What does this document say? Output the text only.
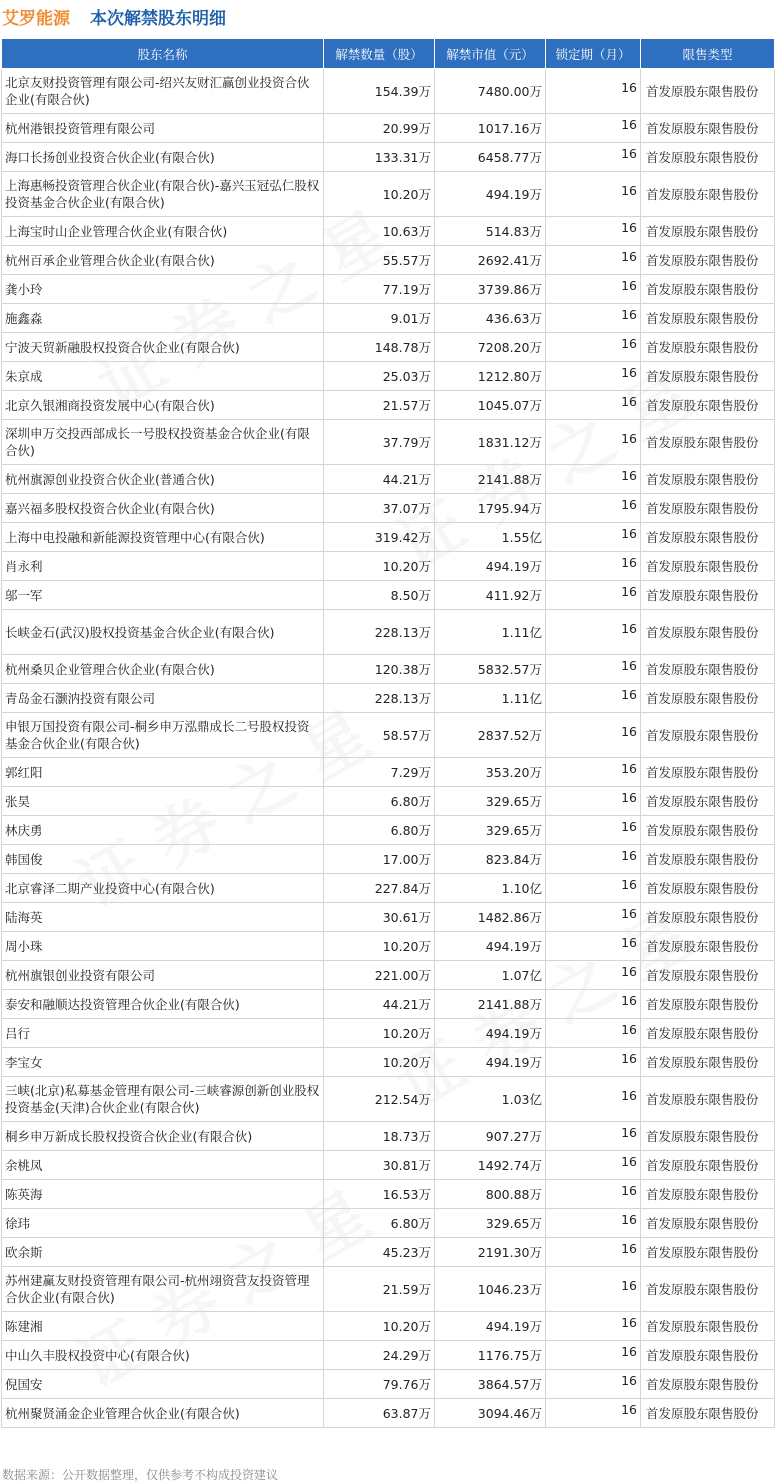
艾罗能源 本次解禁股东明细
股东名称	解禁数量（股）	解禁市值（元）	锁定期（月）	限售类型
北京友财投资管理有限公司-绍兴友财汇赢创业投资合伙企业(有限合伙)	154.39万	7480.00万	16	首发原股东限售股份
杭州港银投资管理有限公司	20.99万	1017.16万	16	首发原股东限售股份
海口长扬创业投资合伙企业(有限合伙)	133.31万	6458.77万	16	首发原股东限售股份
上海惠畅投资管理合伙企业(有限合伙)-嘉兴玉冠弘仁股权投资基金合伙企业(有限合伙)	10.20万	494.19万	16	首发原股东限售股份
上海宝时山企业管理合伙企业(有限合伙)	10.63万	514.83万	16	首发原股东限售股份
杭州百承企业管理合伙企业(有限合伙)	55.57万	2692.41万	16	首发原股东限售股份
龚小玲	77.19万	3739.86万	16	首发原股东限售股份
施鑫淼	9.01万	436.63万	16	首发原股东限售股份
宁波天贸新融股权投资合伙企业(有限合伙)	148.78万	7208.20万	16	首发原股东限售股份
朱京成	25.03万	1212.80万	16	首发原股东限售股份
北京久银湘商投资发展中心(有限合伙)	21.57万	1045.07万	16	首发原股东限售股份
深圳申万交投西部成长一号股权投资基金合伙企业(有限合伙)	37.79万	1831.12万	16	首发原股东限售股份
杭州旗源创业投资合伙企业(普通合伙)	44.21万	2141.88万	16	首发原股东限售股份
嘉兴福多股权投资合伙企业(有限合伙)	37.07万	1795.94万	16	首发原股东限售股份
上海中电投融和新能源投资管理中心(有限合伙)	319.42万	1.55亿	16	首发原股东限售股份
肖永利	10.20万	494.19万	16	首发原股东限售股份
邬一军	8.50万	411.92万	16	首发原股东限售股份
长峡金石(武汉)股权投资基金合伙企业(有限合伙)	228.13万	1.11亿	16	首发原股东限售股份
杭州桑贝企业管理合伙企业(有限合伙)	120.38万	5832.57万	16	首发原股东限售股份
青岛金石灏汭投资有限公司	228.13万	1.11亿	16	首发原股东限售股份
申银万国投资有限公司-桐乡申万泓鼎成长二号股权投资基金合伙企业(有限合伙)	58.57万	2837.52万	16	首发原股东限售股份
郭红阳	7.29万	353.20万	16	首发原股东限售股份
张昊	6.80万	329.65万	16	首发原股东限售股份
林庆勇	6.80万	329.65万	16	首发原股东限售股份
韩国俊	17.00万	823.84万	16	首发原股东限售股份
北京睿泽二期产业投资中心(有限合伙)	227.84万	1.10亿	16	首发原股东限售股份
陆海英	30.61万	1482.86万	16	首发原股东限售股份
周小珠	10.20万	494.19万	16	首发原股东限售股份
杭州旗银创业投资有限公司	221.00万	1.07亿	16	首发原股东限售股份
泰安和融顺达投资管理合伙企业(有限合伙)	44.21万	2141.88万	16	首发原股东限售股份
吕行	10.20万	494.19万	16	首发原股东限售股份
李宝女	10.20万	494.19万	16	首发原股东限售股份
三峡(北京)私募基金管理有限公司-三峡睿源创新创业股权投资基金(天津)合伙企业(有限合伙)	212.54万	1.03亿	16	首发原股东限售股份
桐乡申万新成长股权投资合伙企业(有限合伙)	18.73万	907.27万	16	首发原股东限售股份
余桃凤	30.81万	1492.74万	16	首发原股东限售股份
陈英海	16.53万	800.88万	16	首发原股东限售股份
徐玮	6.80万	329.65万	16	首发原股东限售股份
欧余斯	45.23万	2191.30万	16	首发原股东限售股份
苏州建赢友财投资管理有限公司-杭州翊资营友投资管理合伙企业(有限合伙)	21.59万	1046.23万	16	首发原股东限售股份
陈建湘	10.20万	494.19万	16	首发原股东限售股份
中山久丰股权投资中心(有限合伙)	24.29万	1176.75万	16	首发原股东限售股份
倪国安	79.76万	3864.57万	16	首发原股东限售股份
杭州聚贤涌金企业管理合伙企业(有限合伙)	63.87万	3094.46万	16	首发原股东限售股份
数据来源：公开数据整理，仅供参考不构成投资建议
